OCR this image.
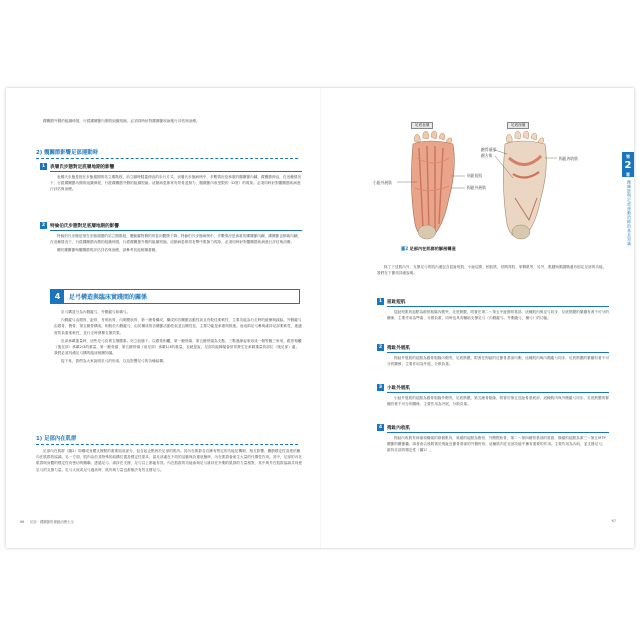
踝關節外側的組織伸展，行經踝關節內側的組織短縮，必須同時針對踝關節疾病進行評估與治療。

2) 髖關節影響足部運動時
1	表層氏步態對足底層地期的影響

表層氏步態是指在步態週期的站立期階段，前立腳時膝蓋伸直的步行方式。表層氏步態病例中，多數情況是承重的髖關節內翻，踝關節伸直，在這種情況下，行經踝關節內側的組織伸展，行經踝關節外側的組織短縮。這類病患都常有骨骨盆無力，髖關節內收受限的（D度）的現象。必須同時針對髖關節疾病進行評估與治療。

2	特倫伯氏步態對足底層地期的影響

特倫伯氏步態是指在步態週期的站立期階段，擺動腳對側的骨盆向體側下降。特倫伯氏步態病例中，多數情況是承重的踝關節內翻，踝關節也都朝內翻，在這種情況下，行經踝關節內側的組織伸展，行經踝關節外側的組織短縮。這類病患都常有臀中肌無力現象，必須同時針對髖關節疾病進行評估與治療。

關於踝關節與髖關節的評估評估與治療，請參考其他相關書籍。

4	足弓構造與臨床實踐間的關係

足弓構造分為內側縱弓，外側縱弓和橫弓。

內側縱弓由跟骨、距骨、舟骨狀骨、內側楔狀骨、第一蹠骨構成，構成的各關節活動性高且有較佳柔軟性，主要功能為行走時的緩衝與踩踏。外側縱弓由跟骨、骰骨、第五蹠骨構成，相較於內側縱弓，由於構成的各關節活動性低並且剛性佳，主要功能是承重與推進。而這兩足弓參與維持足部柔軟性，進適度的負重柔軟性，並行走時發揮支撐效果。

足部承載重量時，這些足弓負責支撐體重。站立狀態下，以跟骨相觸，第一蹠骨頭、第五蹠骨頭為支點，三點連線起來形成一個等腰三角形，跟骨相觸（後足部）承載2/3的重量，第一蹠骨頭、第五蹠骨頭（前足部）承載1/3的重量。也就是說，足部功能障礙會常常發生在承載重量的部位（後足部）處；我們必須具備足弓構的臨床相關知識。

接下來，我們為大家說明足弓的形成，以及影響足弓的各種結構。

1) 足部內在肌群

足部內在肌群（圖2）即構成身體支撐點的重要組成部分，包含起止點皆於足部的肌肉。其內在肌群各自擁有特定的功能及機制，相互影響，關節穩定性高度依賴內在肌群的協調。另一方面，肌肉由於其特殊的結構位置及穩定性需求，當足部處在不同的活動與負重狀態時，內在肌群會產生大量的代償性作用。其中，足部的內在肌群與身體的穩定性有密切的關聯。透過足弓、維持在支撐，足弓以上都能有效。內在肌群的功能會與足弓維持在外側的肌群的力量相對，其中與外在肌群協調共同使足弓的支撐力量，足弓太低或足弓過高時，肌肉與力量也都無法有效支撐足弓。

66 足部・踝關節的運動治療大全
第
2
章
踝關節與足部運動治療的基本知識
足底表層	足底深層
小趾外展肌
屈趾短肌
拇趾外展肌
蹠骨頭部
蹠方肌
拇趾內收肌
圖2 足部內在肌群的解剖構造

除了下述肌內外，支撐足弓的肌內還包含屈趾短肌、小趾屈肌、蚓狀肌、骨間背肌、掌側肌等，另外，肌腱與肌腱鞘還有固定足部的功能，我們在下節再詳細說明。

1	屈趾短肌

屈趾短肌的起點為跟骨粗隆內側突，足底筋膜，附著在第二～第五中趾節骨基部，這種肌肉與足弓同步，足底筋膜的緊繃有著不可分的關係，主要作用為彎曲、分散負重，同時也具有輔助支撐足弓（內側縱弓、外側縱弓、橫弓）的功能。

2	拇趾外展肌

拇趾外展肌的起點為跟骨粗隆內側突，足底筋膜，附著在拇趾的近節骨基部內側，這種肌肉與內側縱弓同步，足底筋膜的緊繃有著不可分的關係，主要作用為外展、分散負重。

3	小趾外展肌

小趾外展肌的起點為跟骨粗隆外側突，足底筋膜，第五蹠骨粗隆，附著於第五近趾骨基底部，這種肌肉與外側縱弓同步，足底筋膜的緊繃有著不可分的關係，主要作用為外展、分散負重。

4	拇趾內收肌

拇趾內收肌有斜頭和橫頭的兩個肌肉，斜頭的起點為骰骨、外側楔狀骨、第二～第四蹠骨基部的底面，橫頭的起點為第三～第五MTP關節的關節囊，兩者會合後附著於拇趾近節骨基部的外側籽骨，這種肌肉在足部功能中擁有重要的作用。主要作用為內收，並支撐足弓，維持足部的穩定性（圖2）。

67
